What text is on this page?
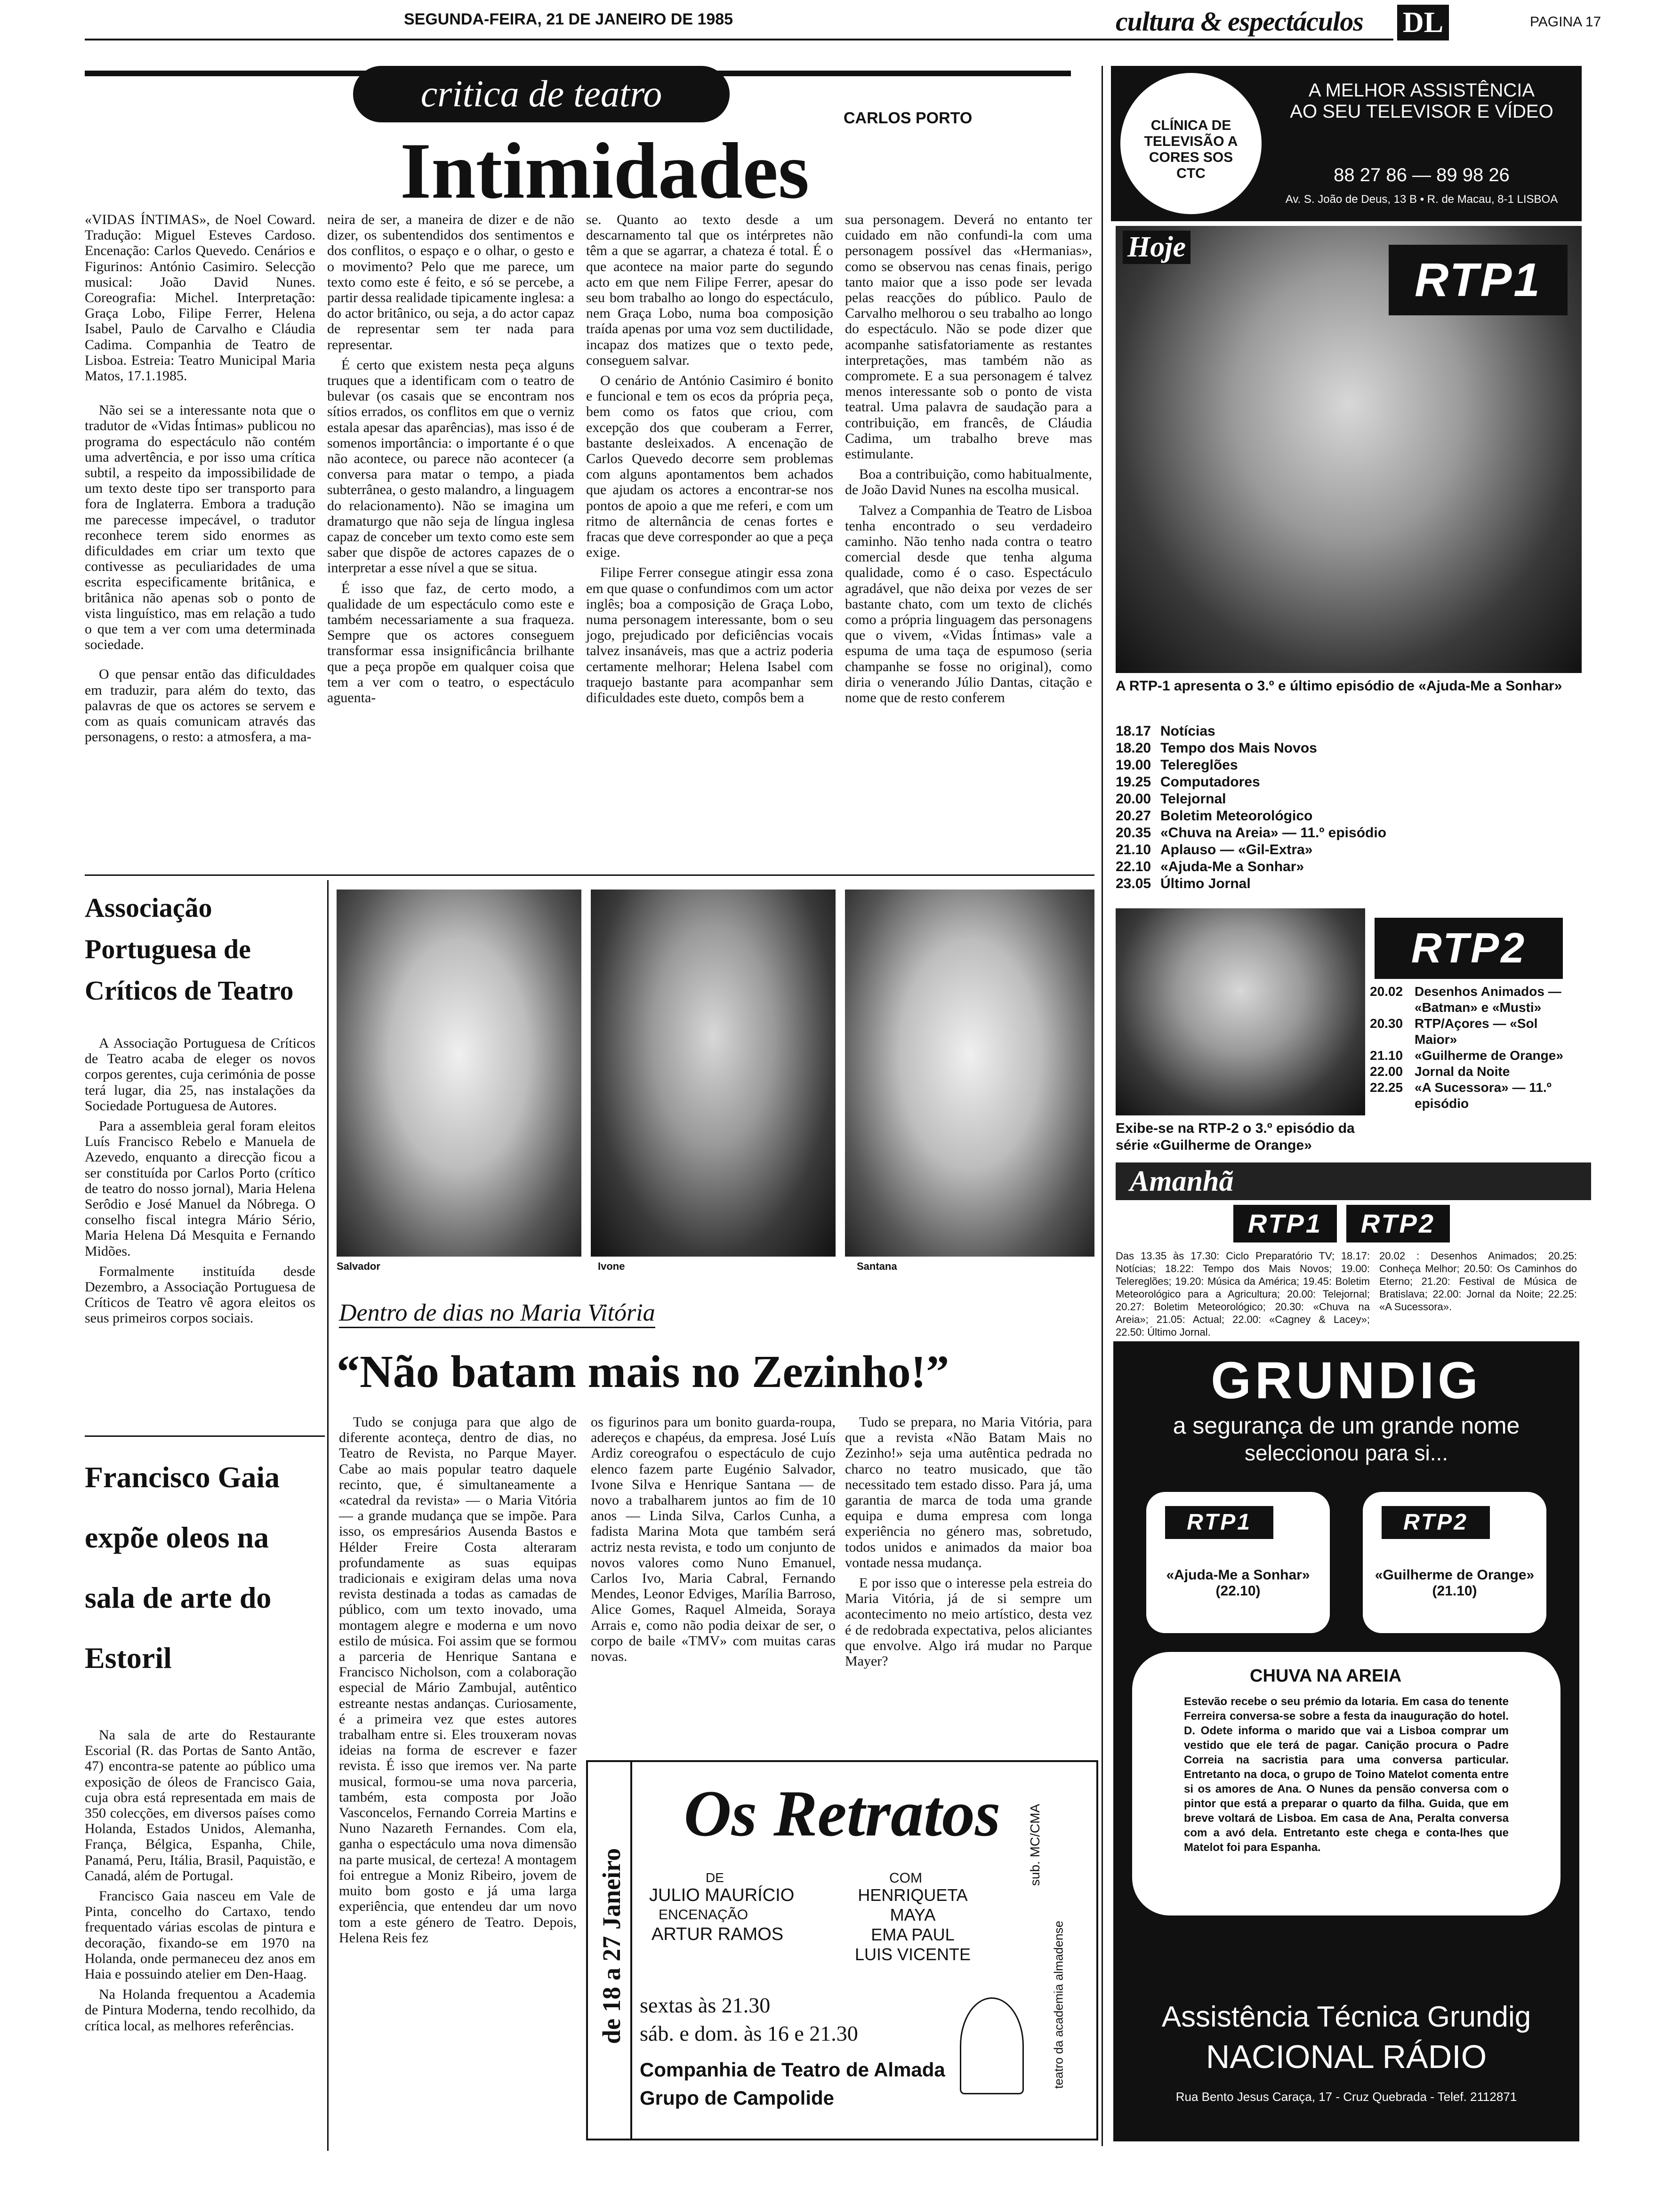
SEGUNDA-FEIRA, 21 DE JANEIRO DE 1985	cultura & espectáculos DL	PAGINA 17
critica de teatro
CARLOS PORTO
Intimidades

«VIDAS ÍNTIMAS», de Noel Coward. Tradução: Miguel Esteves Cardoso. Encenação: Carlos Quevedo. Cenários e Figurinos: António Casimiro. Selecção musical: João David Nunes. Coreografia: Michel. Interpretação: Graça Lobo, Filipe Ferrer, Helena Isabel, Paulo de Carvalho e Cláudia Cadima. Companhia de Teatro de Lisboa. Estreia: Teatro Municipal Maria Matos, 17.1.1985.

Não sei se a interessante nota que o tradutor de «Vidas Íntimas» publicou no programa do espectáculo não contém uma advertência, e por isso uma crítica subtil, a respeito da impossibilidade de um texto deste tipo ser transporto para fora de Inglaterra. Embora a tradução me parecesse impecável, o tradutor reconhece terem sido enormes as dificuldades em criar um texto que contivesse as peculiaridades de uma escrita especificamente britânica, e britânica não apenas sob o ponto de vista linguístico, mas em relação a tudo o que tem a ver com uma determinada sociedade.

O que pensar então das dificuldades em traduzir, para além do texto, das palavras de que os actores se servem e com as quais comunicam através das personagens, o resto: a atmosfera, a ma-

neira de ser, a maneira de dizer e de não dizer, os subentendidos dos sentimentos e dos conflitos, o espaço e o olhar, o gesto e o movimento? Pelo que me parece, um texto como este é feito, e só se percebe, a partir dessa realidade tipicamente inglesa: a do actor britânico, ou seja, a do actor capaz de representar sem ter nada para representar.

É certo que existem nesta peça alguns truques que a identificam com o teatro de bulevar (os casais que se encontram nos sítios errados, os conflitos em que o verniz estala apesar das aparências), mas isso é de somenos importância: o importante é o que não acontece, ou parece não acontecer (a conversa para matar o tempo, a piada subterrânea, o gesto malandro, a linguagem do relacionamento). Não se imagina um dramaturgo que não seja de língua inglesa capaz de conceber um texto como este sem saber que dispõe de actores capazes de o interpretar a esse nível a que se situa.

É isso que faz, de certo modo, a qualidade de um espectáculo como este e também necessariamente a sua fraqueza. Sempre que os actores conseguem transformar essa insignificância brilhante que a peça propõe em qualquer coisa que tem a ver com o teatro, o espectáculo aguenta-

se. Quanto ao texto desde a um descarnamento tal que os intérpretes não têm a que se agarrar, a chateza é total. É o que acontece na maior parte do segundo acto em que nem Filipe Ferrer, apesar do seu bom trabalho ao longo do espectáculo, nem Graça Lobo, numa boa composição traída apenas por uma voz sem ductilidade, incapaz dos matizes que o texto pede, conseguem salvar.

O cenário de António Casimiro é bonito e funcional e tem os ecos da própria peça, bem como os fatos que criou, com excepção dos que couberam a Ferrer, bastante desleixados. A encenação de Carlos Quevedo decorre sem problemas com alguns apontamentos bem achados que ajudam os actores a encontrar-se nos pontos de apoio a que me referi, e com um ritmo de alternância de cenas fortes e fracas que deve corresponder ao que a peça exige.

Filipe Ferrer consegue atingir essa zona em que quase o confundimos com um actor inglês; boa a composição de Graça Lobo, numa personagem interessante, bom o seu jogo, prejudicado por deficiências vocais talvez insanáveis, mas que a actriz poderia certamente melhorar; Helena Isabel com traquejo bastante para acompanhar sem dificuldades este dueto, compôs bem a

sua personagem. Deverá no entanto ter cuidado em não confundi-la com uma personagem possível das «Hermanias», como se observou nas cenas finais, perigo tanto maior que a isso pode ser levada pelas reacções do público. Paulo de Carvalho melhorou o seu trabalho ao longo do espectáculo. Não se pode dizer que acompanhe satisfatoriamente as restantes interpretações, mas também não as compromete. E a sua personagem é talvez menos interessante sob o ponto de vista teatral. Uma palavra de saudação para a contribuição, em francês, de Cláudia Cadima, um trabalho breve mas estimulante.

Boa a contribuição, como habitualmente, de João David Nunes na escolha musical.

Talvez a Companhia de Teatro de Lisboa tenha encontrado o seu verdadeiro caminho. Não tenho nada contra o teatro comercial desde que tenha alguma qualidade, como é o caso. Espectáculo agradável, que não deixa por vezes de ser bastante chato, com um texto de clichés como a própria linguagem das personagens que o vivem, «Vidas Íntimas» vale a espuma de uma taça de espumoso (seria champanhe se fosse no original), como diria o venerando Júlio Dantas, citação e nome que de resto conferem

Associação Portuguesa de Críticos de Teatro

A Associação Portuguesa de Críticos de Teatro acaba de eleger os novos corpos gerentes, cuja cerimónia de posse terá lugar, dia 25, nas instalações da Sociedade Portuguesa de Autores.

Para a assembleia geral foram eleitos Luís Francisco Rebelo e Manuela de Azevedo, enquanto a direcção ficou a ser constituída por Carlos Porto (crítico de teatro do nosso jornal), Maria Helena Serôdio e José Manuel da Nóbrega. O conselho fiscal integra Mário Sério, Maria Helena Dá Mesquita e Fernando Midões.

Formalmente instituída desde Dezembro, a Associação Portuguesa de Críticos de Teatro vê agora eleitos os seus primeiros corpos sociais.

Francisco Gaia expõe oleos na sala de arte do Estoril

Na sala de arte do Restaurante Escorial (R. das Portas de Santo Antão, 47) encontra-se patente ao público uma exposição de óleos de Francisco Gaia, cuja obra está representada em mais de 350 colecções, em diversos países como Holanda, Estados Unidos, Alemanha, França, Bélgica, Espanha, Chile, Panamá, Peru, Itália, Brasil, Paquistão, e Canadá, além de Portugal.

Francisco Gaia nasceu em Vale de Pinta, concelho do Cartaxo, tendo frequentado várias escolas de pintura e decoração, fixando-se em 1970 na Holanda, onde permaneceu dez anos em Haia e possuindo atelier em Den-Haag.

Na Holanda frequentou a Academia de Pintura Moderna, tendo recolhido, da crítica local, as melhores referências.

Salvador	Ivone	Santana
Dentro de dias no Maria Vitória
“Não batam mais no Zezinho!”

Tudo se conjuga para que algo de diferente aconteça, dentro de dias, no Teatro de Revista, no Parque Mayer. Cabe ao mais popular teatro daquele recinto, que, é simultaneamente a «catedral da revista» — o Maria Vitória — a grande mudança que se impõe. Para isso, os empresários Ausenda Bastos e Hélder Freire Costa alteraram profundamente as suas equipas tradicionais e exigiram delas uma nova revista destinada a todas as camadas de público, com um texto inovado, uma montagem alegre e moderna e um novo estilo de música. Foi assim que se formou a parceria de Henrique Santana e Francisco Nicholson, com a colaboração especial de Mário Zambujal, autêntico estreante nestas andanças. Curiosamente, é a primeira vez que estes autores trabalham entre si. Eles trouxeram novas ideias na forma de escrever e fazer revista. É isso que iremos ver. Na parte musical, formou-se uma nova parceria, também, esta composta por João Vasconcelos, Fernando Correia Martins e Nuno Nazareth Fernandes. Com ela, ganha o espectáculo uma nova dimensão na parte musical, de certeza! A montagem foi entregue a Moniz Ribeiro, jovem de muito bom gosto e já uma larga experiência, que entendeu dar um novo tom a este género de Teatro. Depois, Helena Reis fez

os figurinos para um bonito guarda-roupa, adereços e chapéus, da empresa. José Luís Ardiz coreografou o espectáculo de cujo elenco fazem parte Eugénio Salvador, Ivone Silva e Henrique Santana — de novo a trabalharem juntos ao fim de 10 anos — Linda Silva, Carlos Cunha, a fadista Marina Mota que também será actriz nesta revista, e todo um conjunto de novos valores como Nuno Emanuel, Carlos Ivo, Maria Cabral, Fernando Mendes, Leonor Edviges, Marília Barroso, Alice Gomes, Raquel Almeida, Soraya Arrais e, como não podia deixar de ser, o corpo de baile «TMV» com muitas caras novas.

Tudo se prepara, no Maria Vitória, para que a revista «Não Batam Mais no Zezinho!» seja uma autêntica pedrada no charco no teatro musicado, que tão necessitado tem estado disso. Para já, uma garantia de marca de toda uma grande equipa e duma empresa com longa experiência no género mas, sobretudo, todos unidos e animados da maior boa vontade nessa mudança.

E por isso que o interesse pela estreia do Maria Vitória, já de si sempre um acontecimento no meio artístico, desta vez é de redobrada expectativa, pelos aliciantes que envolve. Algo irá mudar no Parque Mayer?

de 18 a 27 Janeiro
Os Retratos
DE
JULIO MAURÍCIO
ENCENAÇÃO
ARTUR RAMOS
COM
HENRIQUETA MAYA
EMA PAUL
LUIS VICENTE
sextas às 21.30
sáb. e dom. às 16 e 21.30
Companhia de Teatro de Almada
Grupo de Campolide
sub. MC/CMA
teatro da academia almadense
CLÍNICA DE TELEVISÃO A CORES SOS CTC
A MELHOR ASSISTÊNCIA
AO SEU TELEVISOR E VÍDEO
88 27 86 — 89 98 26
Av. S. João de Deus, 13 B • R. de Macau, 8-1 LISBOA
Hoje
RTP1
A RTP-1 apresenta o 3.º e último episódio de «Ajuda-Me a Sonhar»
18.17 Notícias
18.20 Tempo dos Mais Novos
19.00 Telereglões
19.25 Computadores
20.00 Telejornal
20.27 Boletim Meteorológico
20.35 «Chuva na Areia» — 11.º episódio
21.10 Aplauso — «Gil-Extra»
22.10 «Ajuda-Me a Sonhar»
23.05 Último Jornal
RTP2
20.02 Desenhos Animados — «Batman» e «Musti»
20.30 RTP/Açores — «Sol Maior»
21.10 «Guilherme de Orange»
22.00 Jornal da Noite
22.25 «A Sucessora» — 11.º episódio
Exibe-se na RTP-2 o 3.º episódio da série «Guilherme de Orange»
Amanhã
RTP1	RTP2
Das 13.35 às 17.30: Ciclo Preparatório TV; 18.17: Notícias; 18.22: Tempo dos Mais Novos; 19.00: Telereglões; 19.20: Música da América; 19.45: Boletim Meteorológico para a Agricultura; 20.00: Telejornal; 20.27: Boletim Meteorológico; 20.30: «Chuva na Areia»; 21.05: Actual; 22.00: «Cagney & Lacey»; 22.50: Último Jornal.
20.02 : Desenhos Animados; 20.25: Conheça Melhor; 20.50: Os Caminhos do Eterno; 21.20: Festival de Música de Bratislava; 22.00: Jornal da Noite; 22.25: «A Sucessora».
GRUNDIG
a segurança de um grande nome
seleccionou para si...
RTP1
«Ajuda-Me a Sonhar» (22.10)
RTP2
«Guilherme de Orange» (21.10)
CHUVA NA AREIA
Estevão recebe o seu prémio da lotaria. Em casa do tenente Ferreira conversa-se sobre a festa da inauguração do hotel. D. Odete informa o marido que vai a Lisboa comprar um vestido que ele terá de pagar. Canição procura o Padre Correia na sacristia para uma conversa particular. Entretanto na doca, o grupo de Toino Matelot comenta entre si os amores de Ana. O Nunes da pensão conversa com o pintor que está a preparar o quarto da filha. Guida, que em breve voltará de Lisboa. Em casa de Ana, Peralta conversa com a avó dela. Entretanto este chega e conta-lhes que Matelot foi para Espanha.
Assistência Técnica Grundig
NACIONAL RÁDIO
Rua Bento Jesus Caraça, 17 - Cruz Quebrada - Telef. 2112871
